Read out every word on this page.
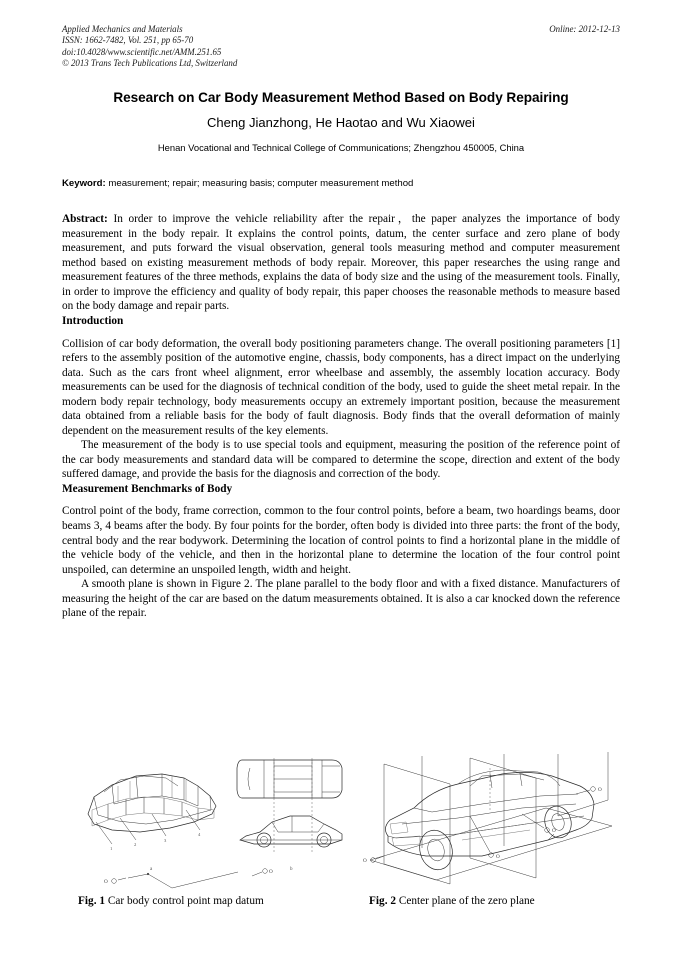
Applied Mechanics and Materials
ISSN: 1662-7482, Vol. 251, pp 65-70
doi:10.4028/www.scientific.net/AMM.251.65
© 2013 Trans Tech Publications Ltd, Switzerland
Online: 2012-12-13
Research on Car Body Measurement Method Based on Body Repairing
Cheng Jianzhong, He Haotao and Wu Xiaowei
Henan Vocational and Technical College of Communications; Zhengzhou 450005, China
Keyword: measurement; repair; measuring basis; computer measurement method
Abstract: In order to improve the vehicle reliability after the repair，the paper analyzes the importance of body measurement in the body repair. It explains the control points, datum, the center surface and zero plane of body measurement, and puts forward the visual observation, general tools measuring method and computer measurement method based on existing measurement methods of body repair. Moreover, this paper researches the using range and measurement features of the three methods, explains the data of body size and the using of the measurement tools. Finally, in order to improve the efficiency and quality of body repair, this paper chooses the reasonable methods to measure based on the body damage and repair parts.
Introduction

Collision of car body deformation, the overall body positioning parameters change. The overall positioning parameters [1] refers to the assembly position of the automotive engine, chassis, body components, has a direct impact on the underlying data. Such as the cars front wheel alignment, error wheelbase and assembly, the assembly location accuracy. Body measurements can be used for the diagnosis of technical condition of the body, used to guide the sheet metal repair. In the modern body repair technology, body measurements occupy an extremely important position, because the measurement data obtained from a reliable basis for the body of fault diagnosis. Body finds that the overall deformation of mainly dependent on the measurement results of the key elements.

The measurement of the body is to use special tools and equipment, measuring the position of the reference point of the car body measurements and standard data will be compared to determine the scope, direction and extent of the body suffered damage, and provide the basis for the diagnosis and correction of the body.

Measurement Benchmarks of Body

Control point of the body, frame correction, common to the four control points, before a beam, two hoardings beams, door beams 3, 4 beams after the body. By four points for the border, often body is divided into three parts: the front of the body, central body and the rear bodywork. Determining the location of control points to find a horizontal plane in the middle of the vehicle body of the vehicle, and then in the horizontal plane to determine the location of the four control point unspoiled, can determine an unspoiled length, width and height.

A smooth plane is shown in Figure 2. The plane parallel to the body floor and with a fixed distance. Manufacturers of measuring the height of the car are based on the datum measurements obtained. It is also a car knocked down the reference plane of the repair.

1
2
3
4
a	b
O
O
O
O
O
O
Fig. 1 Car body control point map datum	Fig. 2 Center plane of the zero plane
